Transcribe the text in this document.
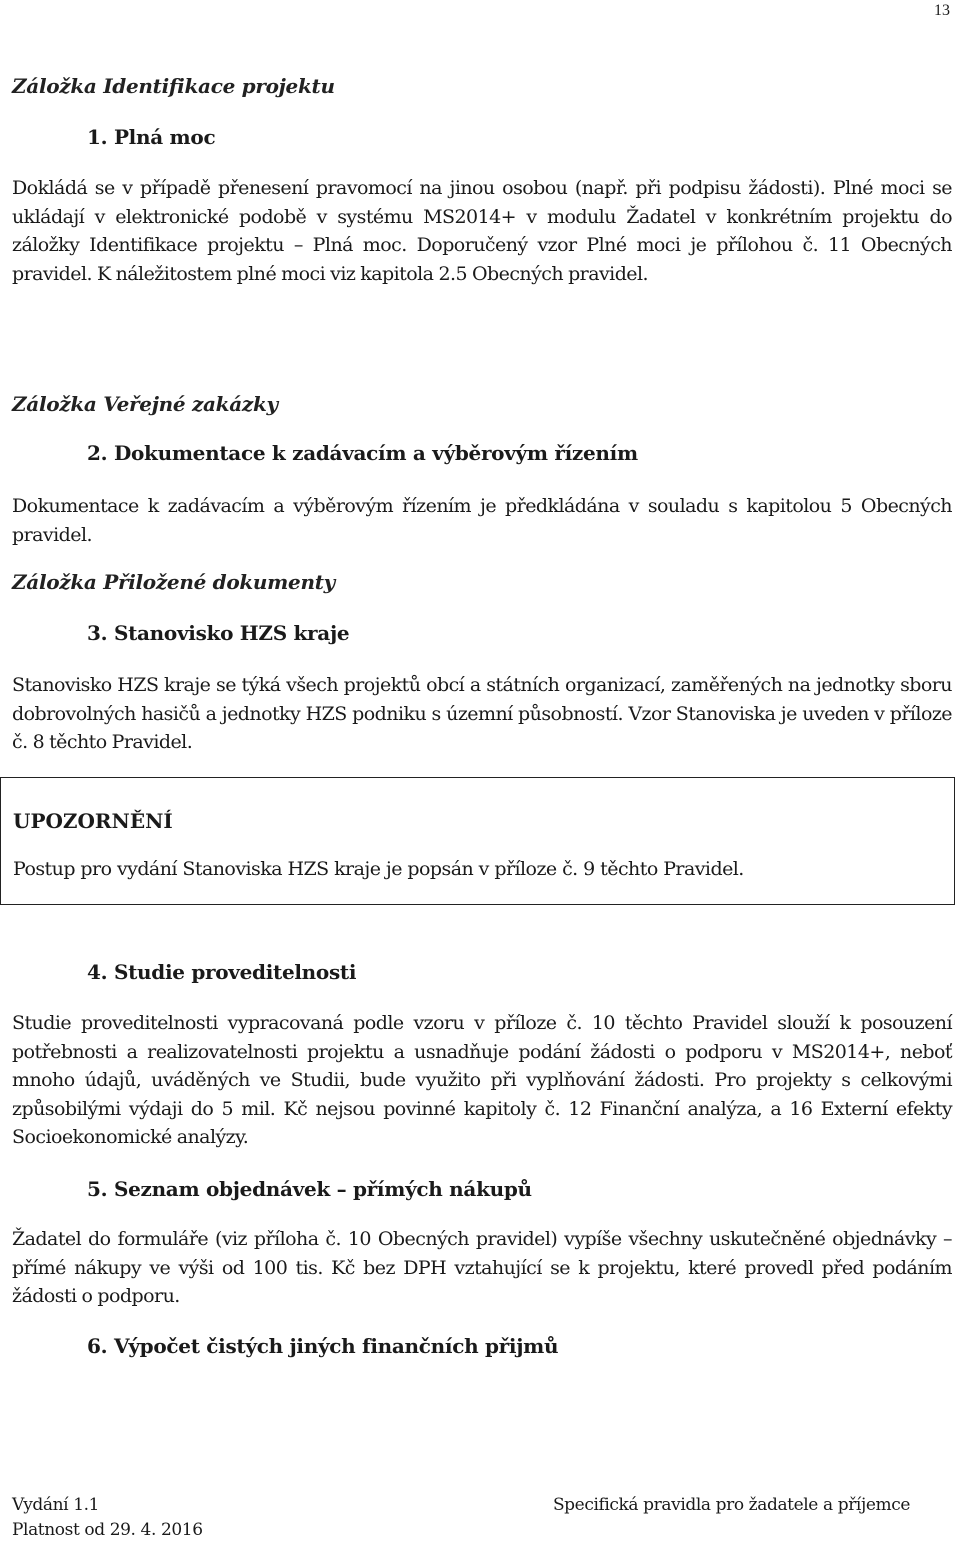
13
Záložka Identifikace projektu
1. Plná moc

Dokládá se v případě přenesení pravomocí na jinou osobou (např. při podpisu žádosti). Plné moci se ukládají v elektronické podobě v systému MS2014+ v modulu Žadatel v konkrétním projektu do záložky Identifikace projektu – Plná moc. Doporučený vzor Plné moci je přílohou č. 11 Obecných pravidel. K náležitostem plné moci viz kapitola 2.5 Obecných pravidel.

Záložka Veřejné zakázky
2. Dokumentace k zadávacím a výběrovým řízením

Dokumentace k zadávacím a výběrovým řízením je předkládána v souladu s kapitolou 5 Obecných pravidel.

Záložka Přiložené dokumenty
3. Stanovisko HZS kraje

Stanovisko HZS kraje se týká všech projektů obcí a státních organizací, zaměřených na jednotky sboru dobrovolných hasičů a jednotky HZS podniku s územní působností. Vzor Stanoviska je uveden v příloze č. 8 těchto Pravidel.

UPOZORNĚNÍ
Postup pro vydání Stanoviska HZS kraje je popsán v příloze č. 9 těchto Pravidel.
4. Studie proveditelnosti

Studie proveditelnosti vypracovaná podle vzoru v příloze č. 10 těchto Pravidel slouží k posouzení potřebnosti a realizovatelnosti projektu a usnadňuje podání žádosti o podporu v MS2014+, neboť mnoho údajů, uváděných ve Studii, bude využito při vyplňování žádosti. Pro projekty s celkovými způsobilými výdaji do 5 mil. Kč nejsou povinné kapitoly č. 12 Finanční analýza, a 16 Externí efekty Socioekonomické analýzy.

5. Seznam objednávek – přímých nákupů

Žadatel do formuláře (viz příloha č. 10 Obecných pravidel) vypíše všechny uskutečněné objednávky – přímé nákupy ve výši od 100 tis. Kč bez DPH vztahující se k projektu, které provedl před podáním žádosti o podporu.

6. Výpočet čistých jiných finančních přijmů
Vydání 1.1
Platnost od 29. 4. 2016
Specifická pravidla pro žadatele a příjemce
